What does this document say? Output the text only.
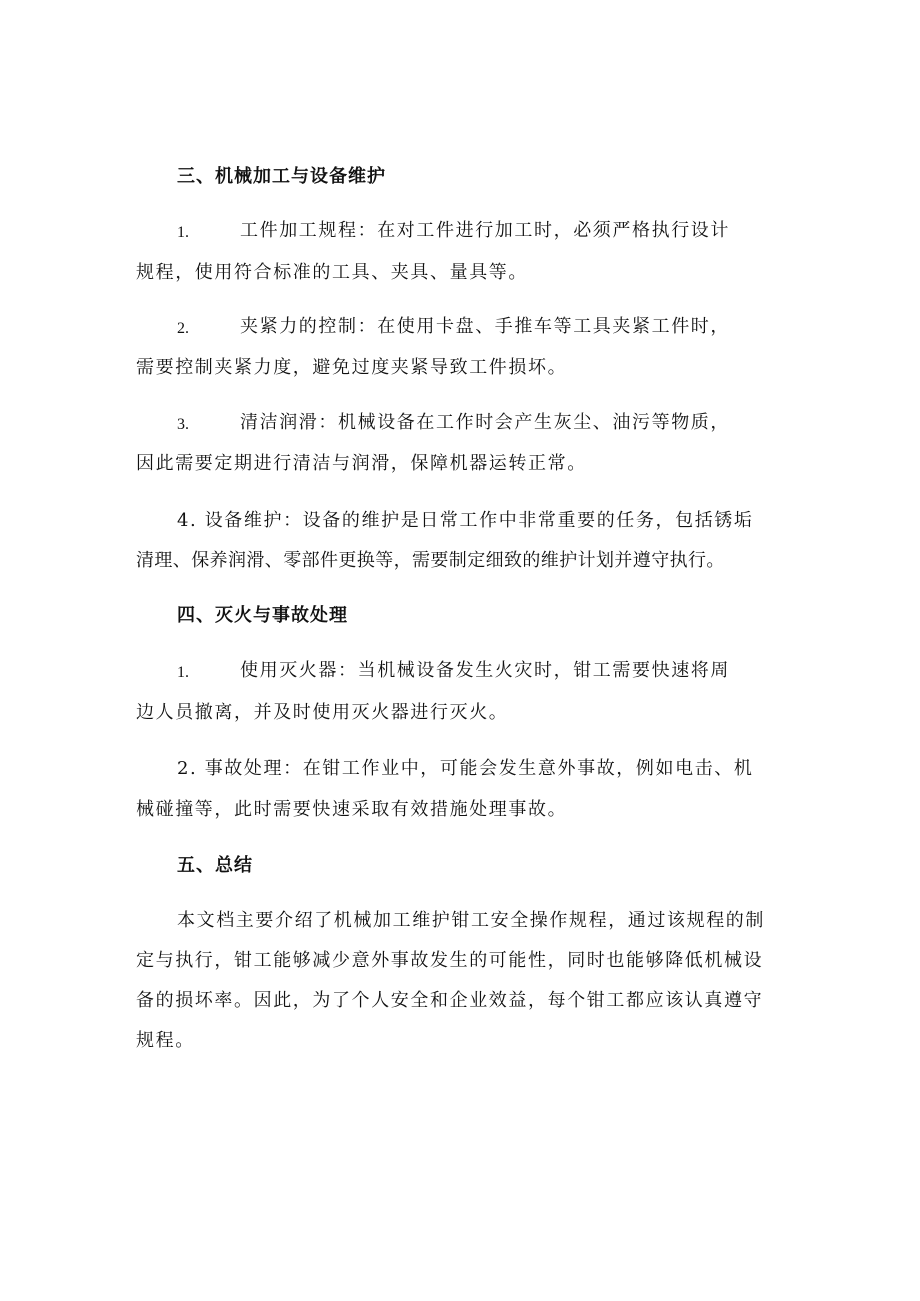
三、机械加工与设备维护
1.	工件加工规程：在对工件进行加工时，必须严格执行设计
规程，使用符合标准的工具、夹具、量具等。
2.	夹紧力的控制：在使用卡盘、手推车等工具夹紧工件时，
需要控制夹紧力度，避免过度夹紧导致工件损坏。
3.	清洁润滑：机械设备在工作时会产生灰尘、油污等物质，
因此需要定期进行清洁与润滑，保障机器运转正常。
4. 设备维护：设备的维护是日常工作中非常重要的任务，包括锈垢
清理、保养润滑、零部件更换等，需要制定细致的维护计划并遵守执行。
四、灭火与事故处理
1.	使用灭火器：当机械设备发生火灾时，钳工需要快速将周
边人员撤离，并及时使用灭火器进行灭火。
2. 事故处理：在钳工作业中，可能会发生意外事故，例如电击、机
械碰撞等，此时需要快速采取有效措施处理事故。
五、总结
本文档主要介绍了机械加工维护钳工安全操作规程，通过该规程的制
定与执行，钳工能够减少意外事故发生的可能性，同时也能够降低机械设
备的损坏率。因此，为了个人安全和企业效益，每个钳工都应该认真遵守
规程。
